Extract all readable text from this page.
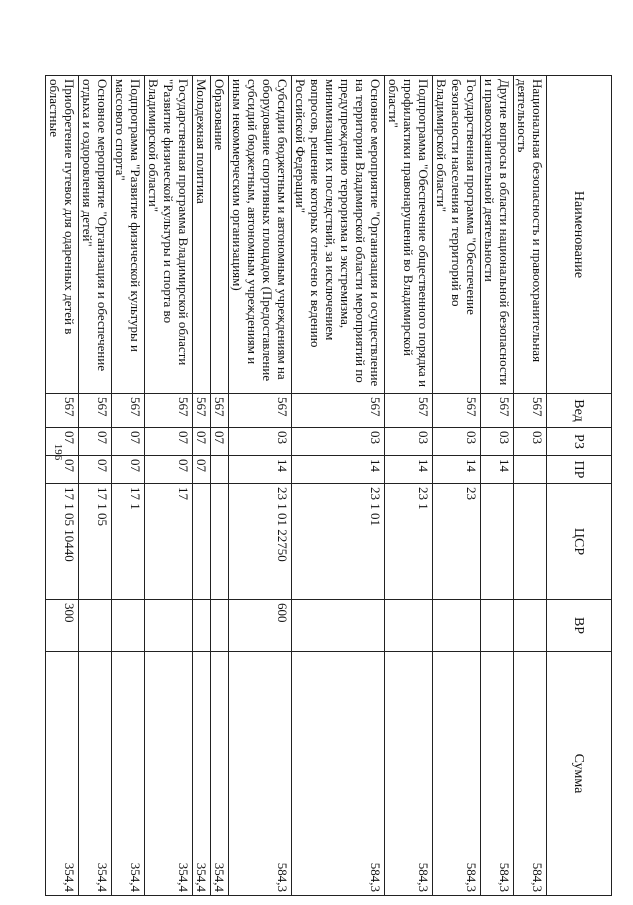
196
Наименование	Вед	РЗ	ПР	ЦСР	ВР	Сумма
Национальная безопасность и правоохранительная деятельность	567	03				584,3
Другие вопросы в области национальной безопасности и правоохранительной деятельности	567	03	14			584,3
Государственная программа "Обеспечение безопасности населения и территорий во Владимирской области"	567	03	14	23		584,3
Подпрограмма "Обеспечение общественного порядка и профилактики правонарушений во Владимирской области"	567	03	14	23 1		584,3
Основное мероприятие "Организация и осуществление на территории Владимирской области мероприятий по предупреждению терроризма и экстремизма, минимизации их последствий, за исключением вопросов, решение которых отнесено к ведению Российской Федерации"	567	03	14	23 1 01		584,3
Субсидии бюджетным и автономным учреждениям на оборудование спортивных площадок (Предоставление субсидий бюджетным, автономным учреждениям и иным некоммерческим организациям)	567	03	14	23 1 01 22750	600	584,3
Образование	567	07				354,4
Молодежная политика	567	07	07			354,4
Государственная программа Владимирской области "Развитие физической культуры и спорта во Владимирской области"	567	07	07	17		354,4
Подпрограмма "Развитие физической культуры и массового спорта"	567	07	07	17 1		354,4
Основное мероприятие "Организация и обеспечение отдыха и оздоровления детей"	567	07	07	17 1 05		354,4
Приобретение путевок для одаренных детей в областные	567	07	07	17 1 05 10440	300	354,4
